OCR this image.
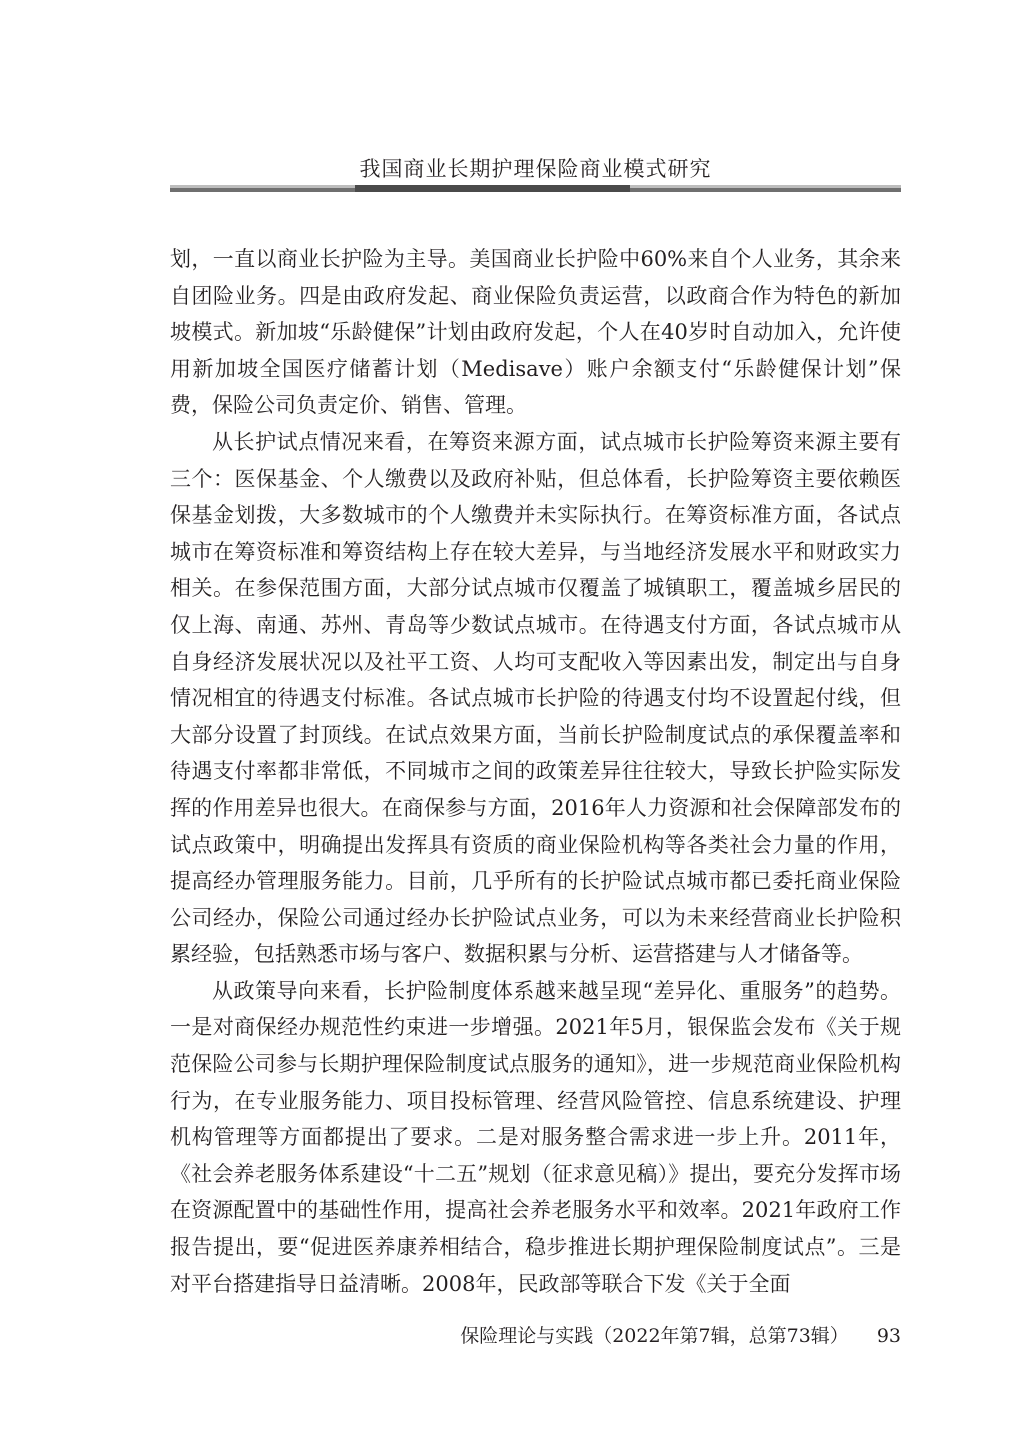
我国商业长期护理保险商业模式研究

划，一直以商业长护险为主导。美国商业长护险中60%来自个人业务，其余来自团险业务。四是由政府发起、商业保险负责运营，以政商合作为特色的新加坡模式。新加坡“乐龄健保”计划由政府发起，个人在40岁时自动加入，允许使用新加坡全国医疗储蓄计划（Medisave）账户余额支付“乐龄健保计划”保费，保险公司负责定价、销售、管理。

从长护试点情况来看，在筹资来源方面，试点城市长护险筹资来源主要有三个：医保基金、个人缴费以及政府补贴，但总体看，长护险筹资主要依赖医保基金划拨，大多数城市的个人缴费并未实际执行。在筹资标准方面，各试点城市在筹资标准和筹资结构上存在较大差异，与当地经济发展水平和财政实力相关。在参保范围方面，大部分试点城市仅覆盖了城镇职工，覆盖城乡居民的仅上海、南通、苏州、青岛等少数试点城市。在待遇支付方面，各试点城市从自身经济发展状况以及社平工资、人均可支配收入等因素出发，制定出与自身情况相宜的待遇支付标准。各试点城市长护险的待遇支付均不设置起付线，但大部分设置了封顶线。在试点效果方面，当前长护险制度试点的承保覆盖率和待遇支付率都非常低，不同城市之间的政策差异往往较大，导致长护险实际发挥的作用差异也很大。在商保参与方面，2016年人力资源和社会保障部发布的试点政策中，明确提出发挥具有资质的商业保险机构等各类社会力量的作用，提高经办管理服务能力。目前，几乎所有的长护险试点城市都已委托商业保险公司经办，保险公司通过经办长护险试点业务，可以为未来经营商业长护险积累经验，包括熟悉市场与客户、数据积累与分析、运营搭建与人才储备等。

从政策导向来看，长护险制度体系越来越呈现“差异化、重服务”的趋势。一是对商保经办规范性约束进一步增强。2021年5月，银保监会发布《关于规范保险公司参与长期护理保险制度试点服务的通知》，进一步规范商业保险机构行为，在专业服务能力、项目投标管理、经营风险管控、信息系统建设、护理机构管理等方面都提出了要求。二是对服务整合需求进一步上升。2011年，《社会养老服务体系建设“十二五”规划（征求意见稿）》提出，要充分发挥市场在资源配置中的基础性作用，提高社会养老服务水平和效率。2021年政府工作报告提出，要“促进医养康养相结合，稳步推进长期护理保险制度试点”。三是对平台搭建指导日益清晰。2008年，民政部等联合下发《关于全面

保险理论与实践（2022年第7辑，总第73辑） 93
